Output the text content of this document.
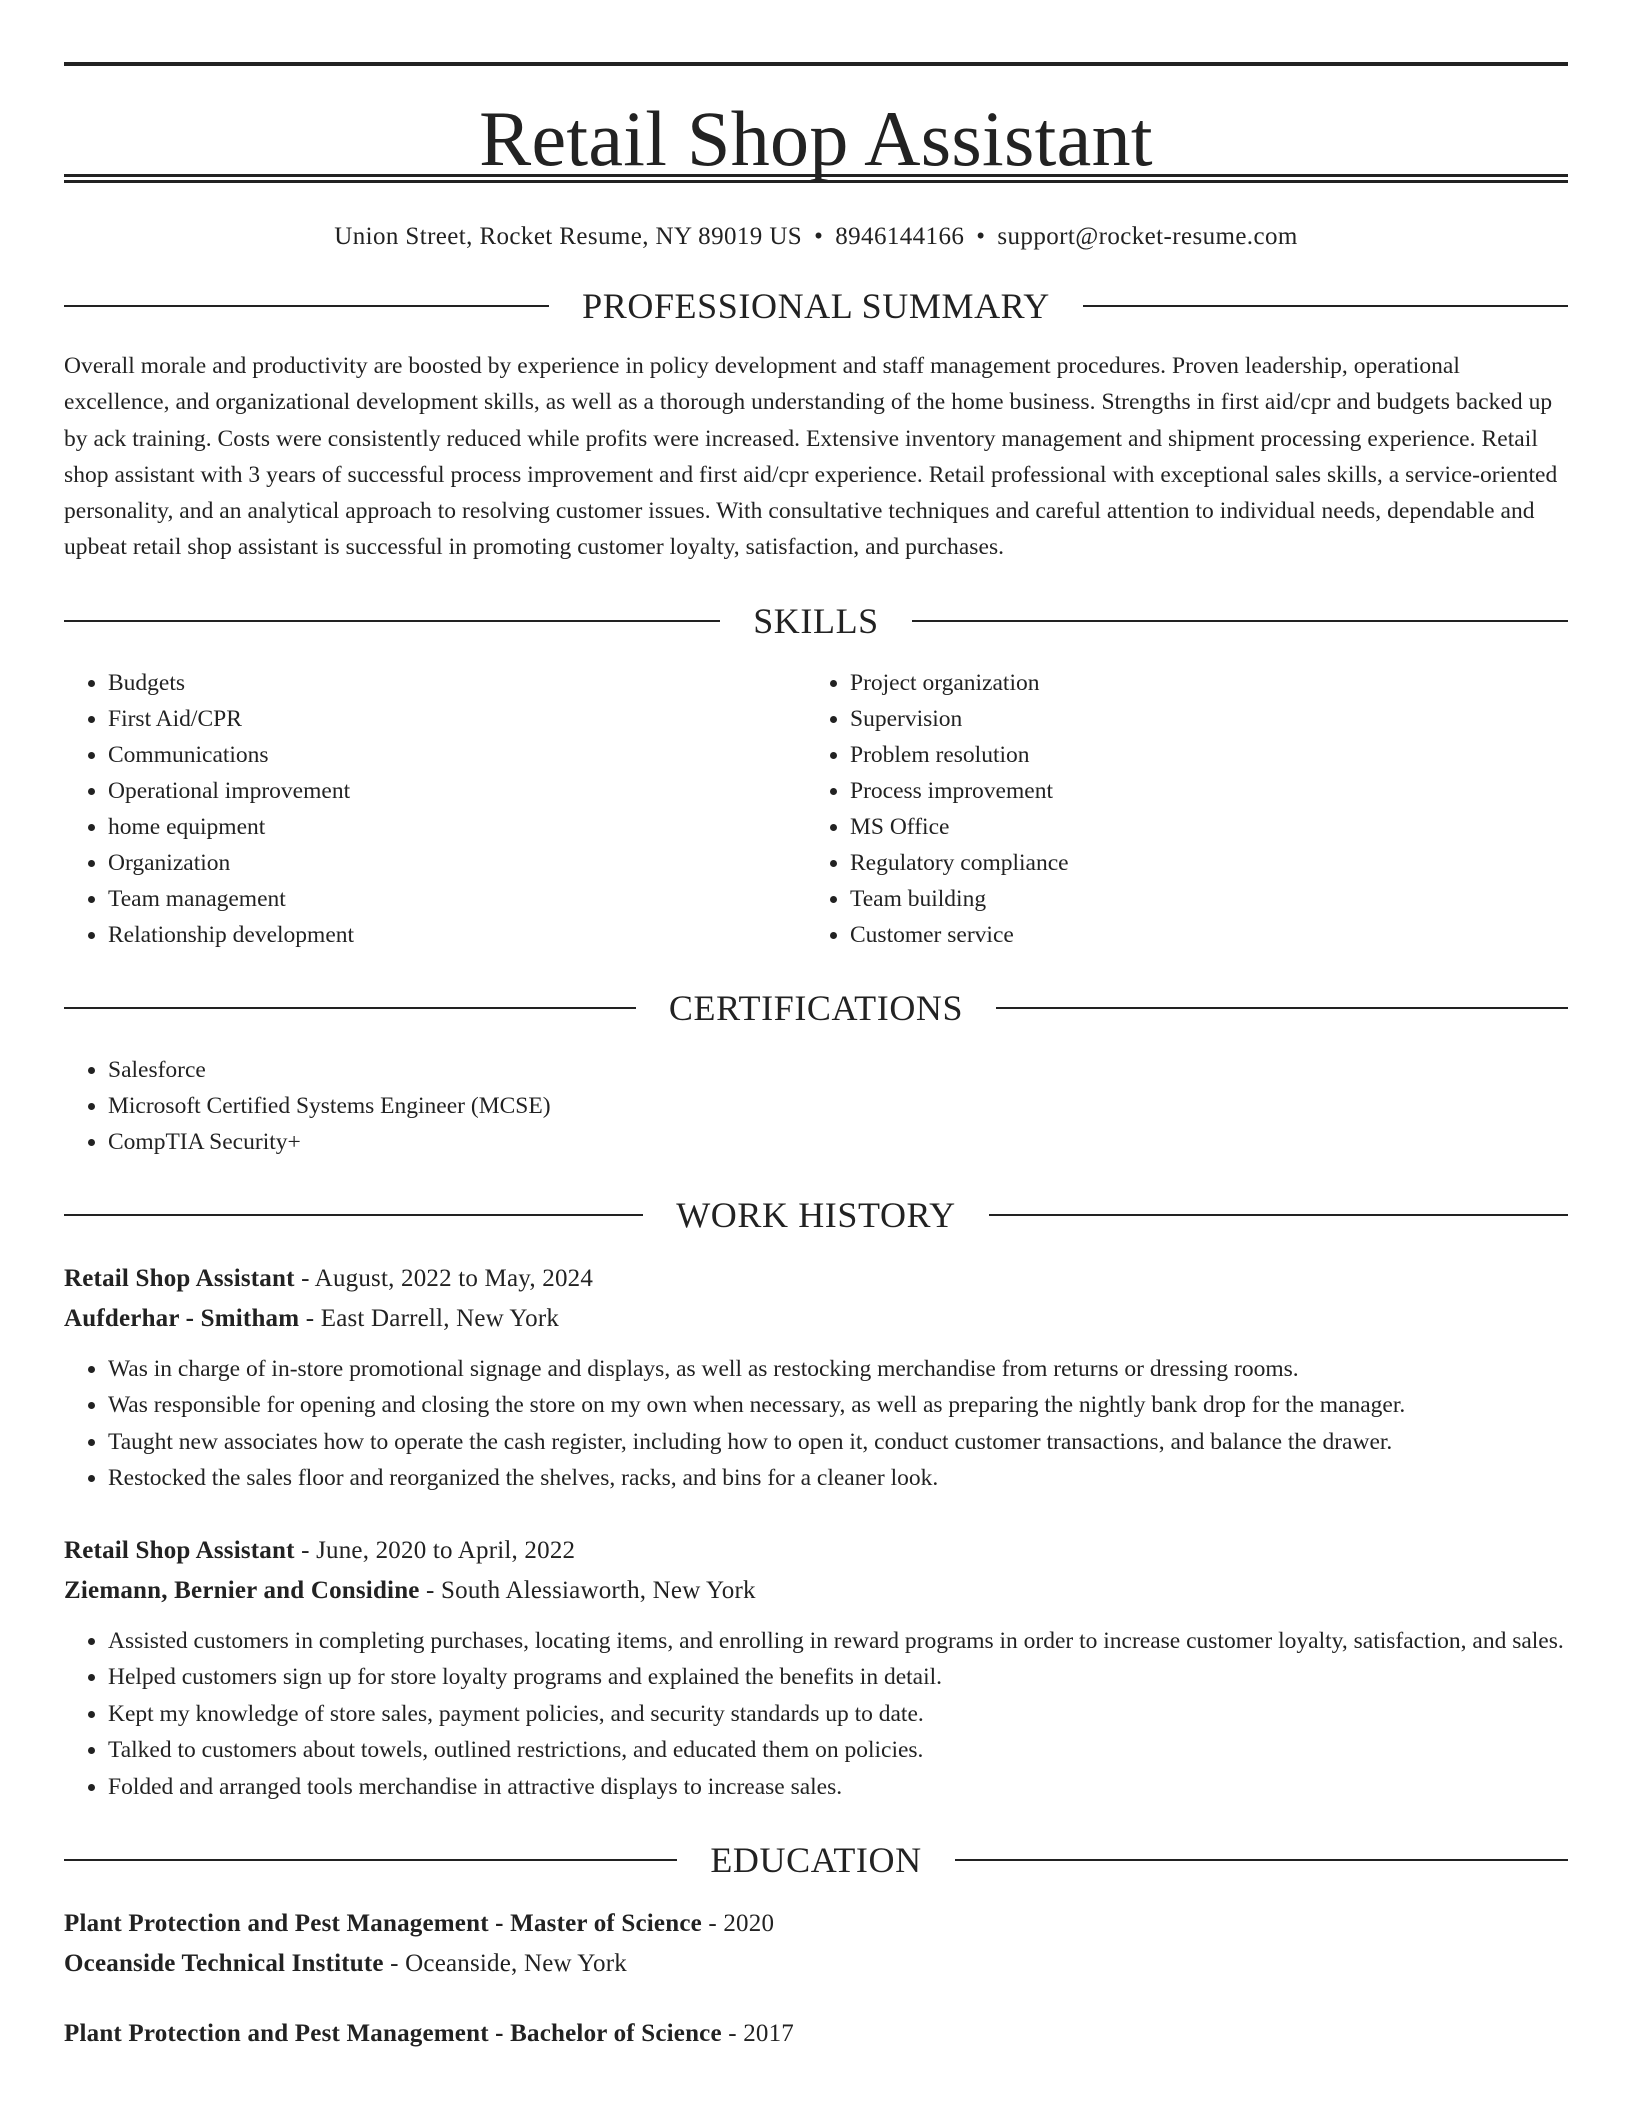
Retail Shop Assistant
Union Street, Rocket Resume, NY 89019 US • 8946144166 • support@rocket-resume.com
PROFESSIONAL SUMMARY

Overall morale and productivity are boosted by experience in policy development and staff management procedures. Proven leadership, operational excellence, and organizational development skills, as well as a thorough understanding of the home business. Strengths in first aid/cpr and budgets backed up by ack training. Costs were consistently reduced while profits were increased. Extensive inventory management and shipment processing experience. Retail shop assistant with 3 years of successful process improvement and first aid/cpr experience. Retail professional with exceptional sales skills, a service-oriented personality, and an analytical approach to resolving customer issues. With consultative techniques and careful attention to individual needs, dependable and upbeat retail shop assistant is successful in promoting customer loyalty, satisfaction, and purchases.

SKILLS
• Budgets
• First Aid/CPR
• Communications
• Operational improvement
• home equipment
• Organization
• Team management
• Relationship development
• Project organization
• Supervision
• Problem resolution
• Process improvement
• MS Office
• Regulatory compliance
• Team building
• Customer service
CERTIFICATIONS
• Salesforce
• Microsoft Certified Systems Engineer (MCSE)
• CompTIA Security+
WORK HISTORY
Retail Shop Assistant - August, 2022 to May, 2024
Aufderhar - Smitham - East Darrell, New York
• Was in charge of in-store promotional signage and displays, as well as restocking merchandise from returns or dressing rooms.
• Was responsible for opening and closing the store on my own when necessary, as well as preparing the nightly bank drop for the manager.
• Taught new associates how to operate the cash register, including how to open it, conduct customer transactions, and balance the drawer.
• Restocked the sales floor and reorganized the shelves, racks, and bins for a cleaner look.
Retail Shop Assistant - June, 2020 to April, 2022
Ziemann, Bernier and Considine - South Alessiaworth, New York
• Assisted customers in completing purchases, locating items, and enrolling in reward programs in order to increase customer loyalty, satisfaction, and sales.
• Helped customers sign up for store loyalty programs and explained the benefits in detail.
• Kept my knowledge of store sales, payment policies, and security standards up to date.
• Talked to customers about towels, outlined restrictions, and educated them on policies.
• Folded and arranged tools merchandise in attractive displays to increase sales.
EDUCATION
Plant Protection and Pest Management - Master of Science - 2020
Oceanside Technical Institute - Oceanside, New York
Plant Protection and Pest Management - Bachelor of Science - 2017
